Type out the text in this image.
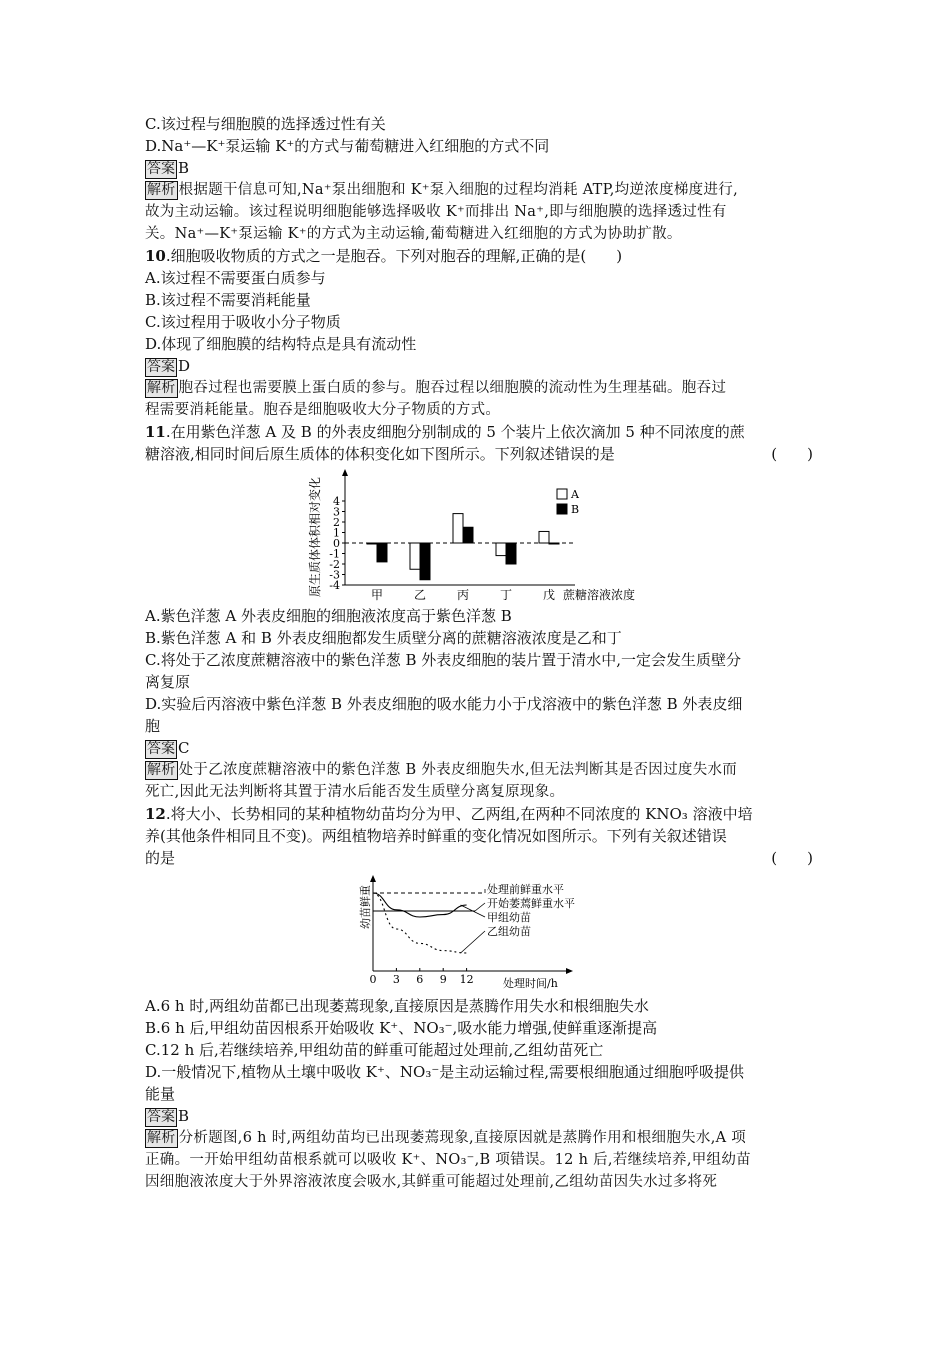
C.该过程与细胞膜的选择透过性有关
D.Na⁺—K⁺泵运输 K⁺的方式与葡萄糖进入红细胞的方式不同
答案 B
解析 根据题干信息可知,Na⁺泵出细胞和 K⁺泵入细胞的过程均消耗 ATP,均逆浓度梯度进行,
故为主动运输。该过程说明细胞能够选择吸收 K⁺而排出 Na⁺,即与细胞膜的选择透过性有
关。Na⁺—K⁺泵运输 K⁺的方式为主动运输,葡萄糖进入红细胞的方式为协助扩散。
10.细胞吸收物质的方式之一是胞吞。下列对胞吞的理解,正确的是(　　)
A.该过程不需要蛋白质参与
B.该过程不需要消耗能量
C.该过程用于吸收小分子物质
D.体现了细胞膜的结构特点是具有流动性
答案 D
解析 胞吞过程也需要膜上蛋白质的参与。胞吞过程以细胞膜的流动性为生理基础。胞吞过
程需要消耗能量。胞吞是细胞吸收大分子物质的方式。
11.在用紫色洋葱 A 及 B 的外表皮细胞分别制成的 5 个装片上依次滴加 5 种不同浓度的蔗
糖溶液,相同时间后原生质体的体积变化如下图所示。下列叙述错误的是	(　　)
原生质体体积相对变化 4
3
2
1
0
-1
-2
-3
-4
甲	乙	丙	丁	戊 蔗糖溶液浓度
A
B
A.紫色洋葱 A 外表皮细胞的细胞液浓度高于紫色洋葱 B
B.紫色洋葱 A 和 B 外表皮细胞都发生质壁分离的蔗糖溶液浓度是乙和丁
C.将处于乙浓度蔗糖溶液中的紫色洋葱 B 外表皮细胞的装片置于清水中,一定会发生质壁分
离复原
D.实验后丙溶液中紫色洋葱 B 外表皮细胞的吸水能力小于戊溶液中的紫色洋葱 B 外表皮细
胞
答案 C
解析 处于乙浓度蔗糖溶液中的紫色洋葱 B 外表皮细胞失水,但无法判断其是否因过度失水而
死亡,因此无法判断将其置于清水后能否发生质壁分离复原现象。
12.将大小、长势相同的某种植物幼苗均分为甲、乙两组,在两种不同浓度的 KNO₃ 溶液中培
养(其他条件相同且不变)。两组植物培养时鲜重的变化情况如图所示。下列有关叙述错误
的是	(　　)
幼苗鲜重
0 3 6 9 12
处理前鲜重水平
开始萎蔫鲜重水平
甲组幼苗
乙组幼苗
处理时间/h
A.6 h 时,两组幼苗都已出现萎蔫现象,直接原因是蒸腾作用失水和根细胞失水
B.6 h 后,甲组幼苗因根系开始吸收 K⁺、NO₃⁻,吸水能力增强,使鲜重逐渐提高
C.12 h 后,若继续培养,甲组幼苗的鲜重可能超过处理前,乙组幼苗死亡
D.一般情况下,植物从土壤中吸收 K⁺、NO₃⁻是主动运输过程,需要根细胞通过细胞呼吸提供
能量
答案 B
解析 分析题图,6 h 时,两组幼苗均已出现萎蔫现象,直接原因就是蒸腾作用和根细胞失水,A 项
正确。一开始甲组幼苗根系就可以吸收 K⁺、NO₃⁻,B 项错误。12 h 后,若继续培养,甲组幼苗
因细胞液浓度大于外界溶液浓度会吸水,其鲜重可能超过处理前,乙组幼苗因失水过多将死
